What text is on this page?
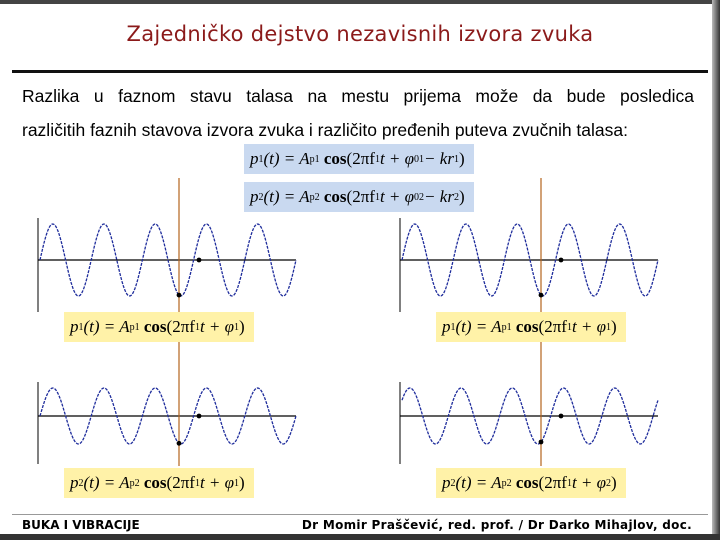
Zajedničko dejstvo nezavisnih izvora zvuka
Razlika u faznom stavu talasa na mestu prijema može da bude posledica
različitih faznih stavova izvora zvuka i različito pređenih puteva zvučnih talasa:
p 1 (t) = A p1
cos (2πf 1 t + φ 01 − kr 1 )
p 2 (t) = A p2
cos (2πf 1 t + φ 02 − kr 2 )
p 1 (t) = A p1
cos (2πf 1 t + φ 1 )	p 1 (t) = A p1
cos (2πf 1 t + φ 1 )
p 2 (t) = A p2
cos (2πf 1 t + φ 1 )	p 2 (t) = A p2
cos (2πf 1 t + φ 2 )
BUKA I VIBRACIJE	Dr Momir Praščević, red. prof. / Dr Darko Mihajlov, doc.
